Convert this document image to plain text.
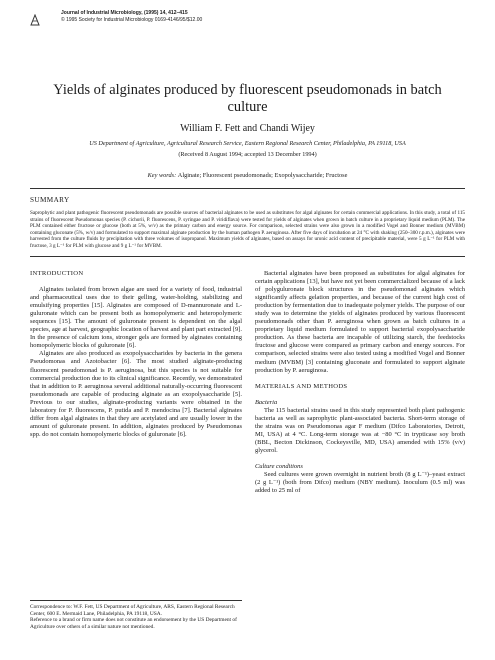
Journal of Industrial Microbiology, (1995) 14, 412–415
© 1995 Society for Industrial Microbiology 0169-4146/95/$12.00
Yields of alginates produced by fluorescent pseudomonads in batch culture
William F. Fett and Chandi Wijey
US Department of Agriculture, Agricultural Research Service, Eastern Regional Research Center, Philadelphia, PA 19118, USA
(Received 8 August 1994; accepted 13 December 1994)
Key words: Alginate; Fluorescent pseudomonads; Exopolysaccharide; Fructose
SUMMARY
Saprophytic and plant pathogenic fluorescent pseudomonads are possible sources of bacterial alginates to be used as substitutes for algal alginates for certain commercial applications. In this study, a total of 115 strains of fluorescent Pseudomonas species (P. cichorii, P. fluorescens, P. syringae and P. viridiflava) were tested for yields of alginates when grown in batch culture in a proprietary liquid medium (PLM). The PLM contained either fructose or glucose (both at 5%, w/v) as the primary carbon and energy source. For comparison, selected strains were also grown in a modified Vogel and Bonner medium (MVBM) containing gluconate (5%, w/v) and formulated to support maximal alginate production by the human pathogen P. aeruginosa. After five days of incubation at 24 °C with shaking (250–300 r.p.m.), alginates were harvested from the culture fluids by precipitation with three volumes of isopropanol. Maximum yields of alginates, based on assays for uronic acid content of precipitable material, were 5 g L⁻¹ for PLM with fructose, 3 g L⁻¹ for PLM with glucose and 9 g L⁻¹ for MVBM.

INTRODUCTION

Alginates isolated from brown algae are used for a variety of food, industrial and pharmaceutical uses due to their gelling, water-holding, stabilizing and emulsifying properties [15]. Alginates are composed of D-mannuronate and L-guluronate which can be present both as homopolymeric and heteropolymeric sequences [15]. The amount of guluronate present is dependent on the algal species, age at harvest, geographic location of harvest and plant part extracted [9]. In the presence of calcium ions, stronger gels are formed by alginates containing homopolymeric blocks of guluronate [6].

Alginates are also produced as exopolysaccharides by bacteria in the genera Pseudomonas and Azotobacter [6]. The most studied alginate-producing fluorescent pseudomonad is P. aeruginosa, but this species is not suitable for commercial production due to its clinical significance. Recently, we demonstrated that in addition to P. aeruginosa several additional naturally-occurring fluorescent pseudomonads are capable of producing alginate as an exopolysaccharide [5]. Previous to our studies, alginate-producing variants were obtained in the laboratory for P. fluorescens, P. putida and P. mendocina [7]. Bacterial alginates differ from algal alginates in that they are acetylated and are usually lower in the amount of guluronate present. In addition, alginates produced by Pseudomonas spp. do not contain homopolymeric blocks of guluronate [6].

Correspondence to: W.F. Fett, US Department of Agriculture, ARS, Eastern Regional Research Center, 600 E. Mermaid Lane, Philadelphia, PA 19118, USA.

Reference to a brand or firm name does not constitute an endorsement by the US Department of Agriculture over others of a similar nature not mentioned.

Bacterial alginates have been proposed as substitutes for algal alginates for certain applications [13], but have not yet been commercialized because of a lack of polyguluronate block structures in the pseudomonad alginates which significantly affects gelation properties, and because of the current high cost of production by fermentation due to inadequate polymer yields. The purpose of our study was to determine the yields of alginates produced by various fluorescent pseudomonads other than P. aeruginosa when grown as batch cultures in a proprietary liquid medium formulated to support bacterial exopolysaccharide production. As these bacteria are incapable of utilizing starch, the feedstocks fructose and glucose were compared as primary carbon and energy sources. For comparison, selected strains were also tested using a modified Vogel and Bonner medium (MVBM) [3] containing gluconate and formulated to support alginate production by P. aeruginosa.

MATERIALS AND METHODS

Bacteria

The 115 bacterial strains used in this study represented both plant pathogenic bacteria as well as saprophytic plant-associated bacteria. Short-term storage of the strains was on Pseudomonas agar F medium (Difco Laboratories, Detroit, MI, USA) at 4 °C. Long-term storage was at −80 °C in trypticase soy broth (BBL, Becton Dickinson, Cockeysville, MD, USA) amended with 15% (v/v) glycerol.

Culture conditions

Seed cultures were grown overnight in nutrient broth (8 g L⁻¹)–yeast extract (2 g L⁻¹) (both from Difco) medium (NBY medium). Inoculum (0.5 ml) was added to 25 ml of
